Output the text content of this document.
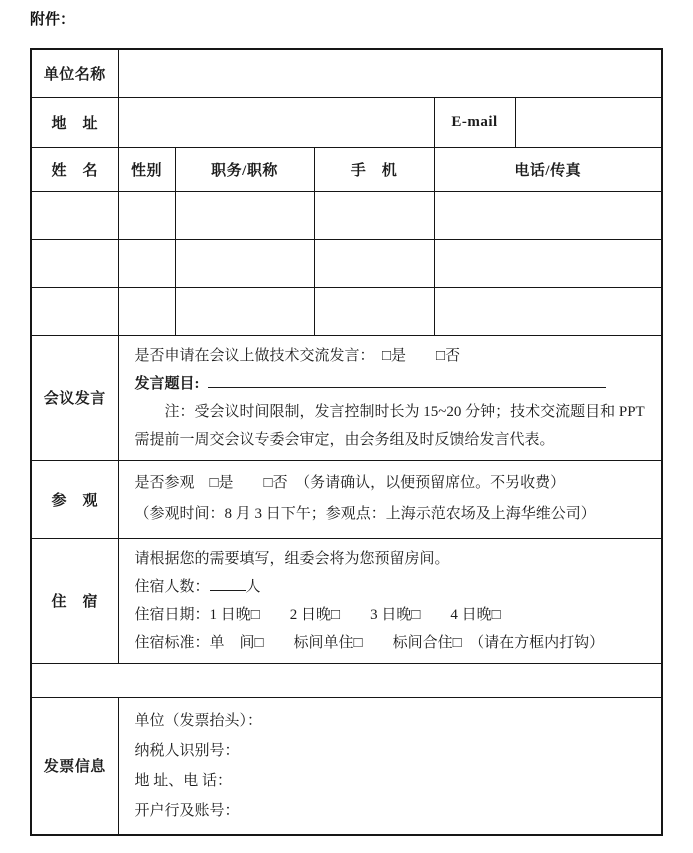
附件：
单位名称					
地　址				E-mail	
姓　名	性别	职务/职称	手　机	电话/传真	

会议发言	是否申请在会议上做技术交流发言：　□是　　□否
发言题目:
注：受会议时间限制，发言控制时长为 15~20 分钟；技术交流题目和 PPT 需提前一周交会议专委会审定，由会务组及时反馈给发言代表。				

参　观	是否参观　□是　　□否　（务请确认，以便预留席位。不另收费）
（参观时间：8 月 3 日下午；参观点：上海示范农场及上海华维公司）				

住　宿	请根据您的需要填写，组委会将为您预留房间。
住宿人数： 人
住宿日期：1 日晚□　　2 日晚□　　3 日晚□　　4 日晚□
住宿标准：单　间□　　标间单住□　　标间合住□　（请在方框内打钩）				

发票信息	单位（发票抬头）：
纳税人识别号：
地 址、电 话：
开户行及账号：				
